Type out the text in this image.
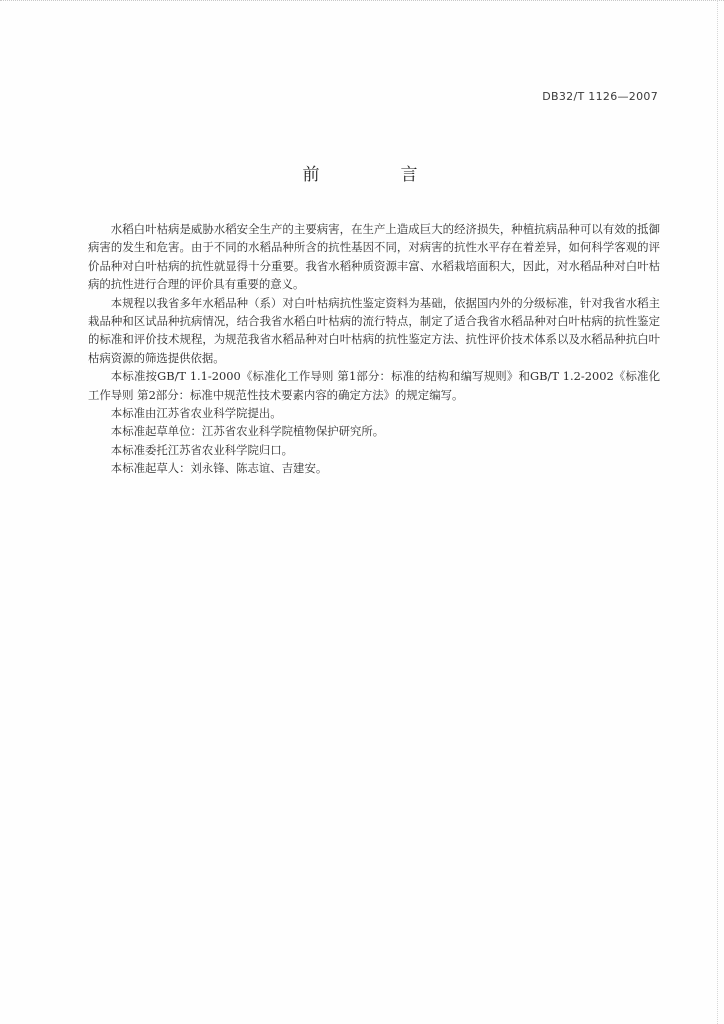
DB32/T 1126—2007
前　言

水稻白叶枯病是威胁水稻安全生产的主要病害，在生产上造成巨大的经济损失，种植抗病品种可以有效的抵御病害的发生和危害。由于不同的水稻品种所含的抗性基因不同，对病害的抗性水平存在着差异，如何科学客观的评价品种对白叶枯病的抗性就显得十分重要。我省水稻种质资源丰富、水稻栽培面积大，因此，对水稻品种对白叶枯病的抗性进行合理的评价具有重要的意义。

本规程以我省多年水稻品种（系）对白叶枯病抗性鉴定资料为基础，依据国内外的分级标准，针对我省水稻主栽品种和区试品种抗病情况，结合我省水稻白叶枯病的流行特点，制定了适合我省水稻品种对白叶枯病的抗性鉴定的标准和评价技术规程，为规范我省水稻品种对白叶枯病的抗性鉴定方法、抗性评价技术体系以及水稻品种抗白叶枯病资源的筛选提供依据。

本标准按GB/T 1.1-2000《标准化工作导则 第1部分：标准的结构和编写规则》和GB/T 1.2-2002《标准化工作导则 第2部分：标准中规范性技术要素内容的确定方法》的规定编写。

本标准由江苏省农业科学院提出。

本标准起草单位：江苏省农业科学院植物保护研究所。

本标准委托江苏省农业科学院归口。

本标准起草人：刘永锋、陈志谊、吉建安。
